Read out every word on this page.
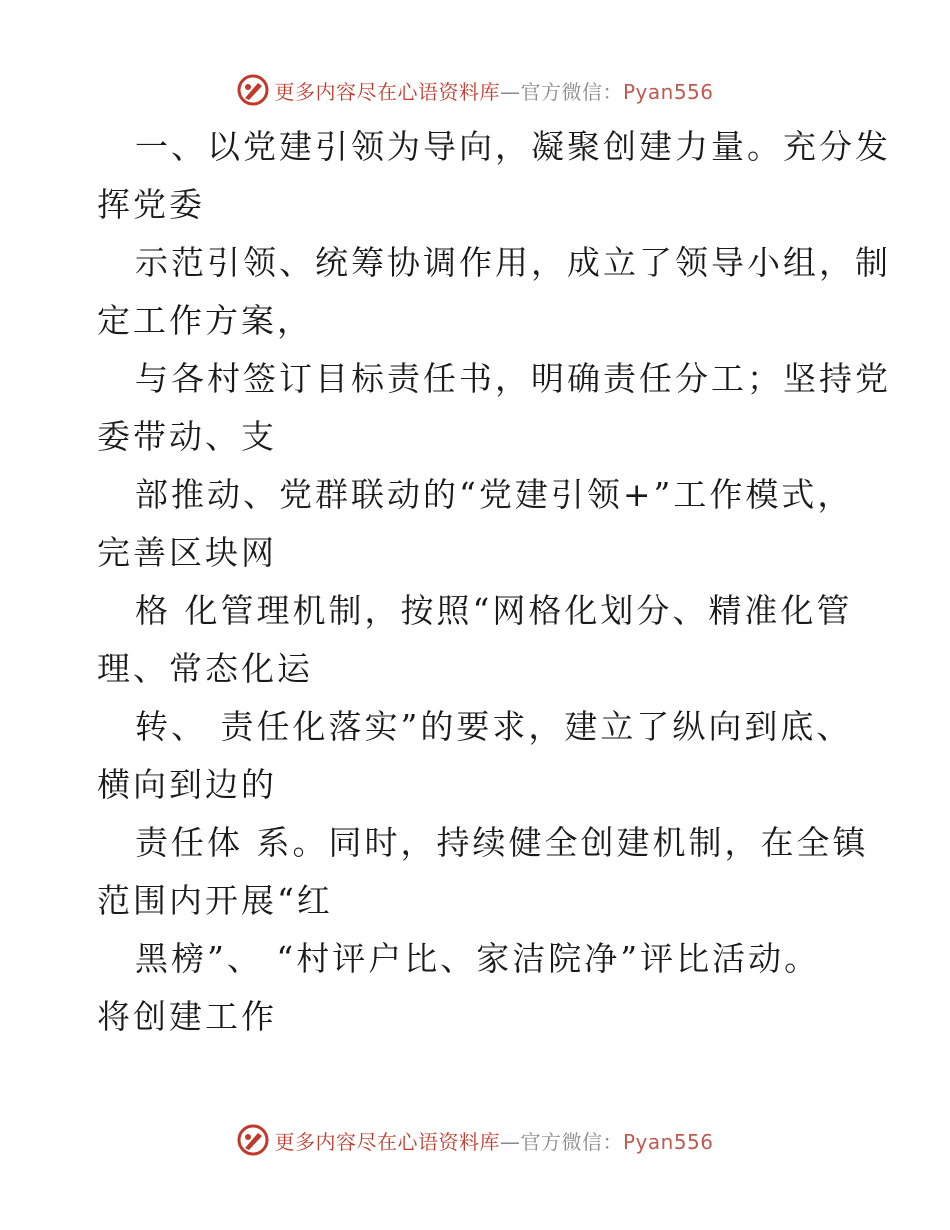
更多内容尽在心语资料库—官方微信：Pyan556
一、以党建引领为导向，凝聚创建力量。充分发
挥党委
示范引领、统筹协调作用，成立了领导小组，制
定工作方案，
与各村签订目标责任书，明确责任分工；坚持党
委带动、支
部推动、党群联动的“党建引领+”工作模式，
完善区块网
格 化管理机制，按照“网格化划分、精准化管
理、常态化运
转、 责任化落实”的要求，建立了纵向到底、
横向到边的
责任体 系。同时，持续健全创建机制，在全镇
范围内开展“红
黑榜”、 “村评户比、家洁院净”评比活动。
将创建工作
更多内容尽在心语资料库—官方微信：Pyan556
